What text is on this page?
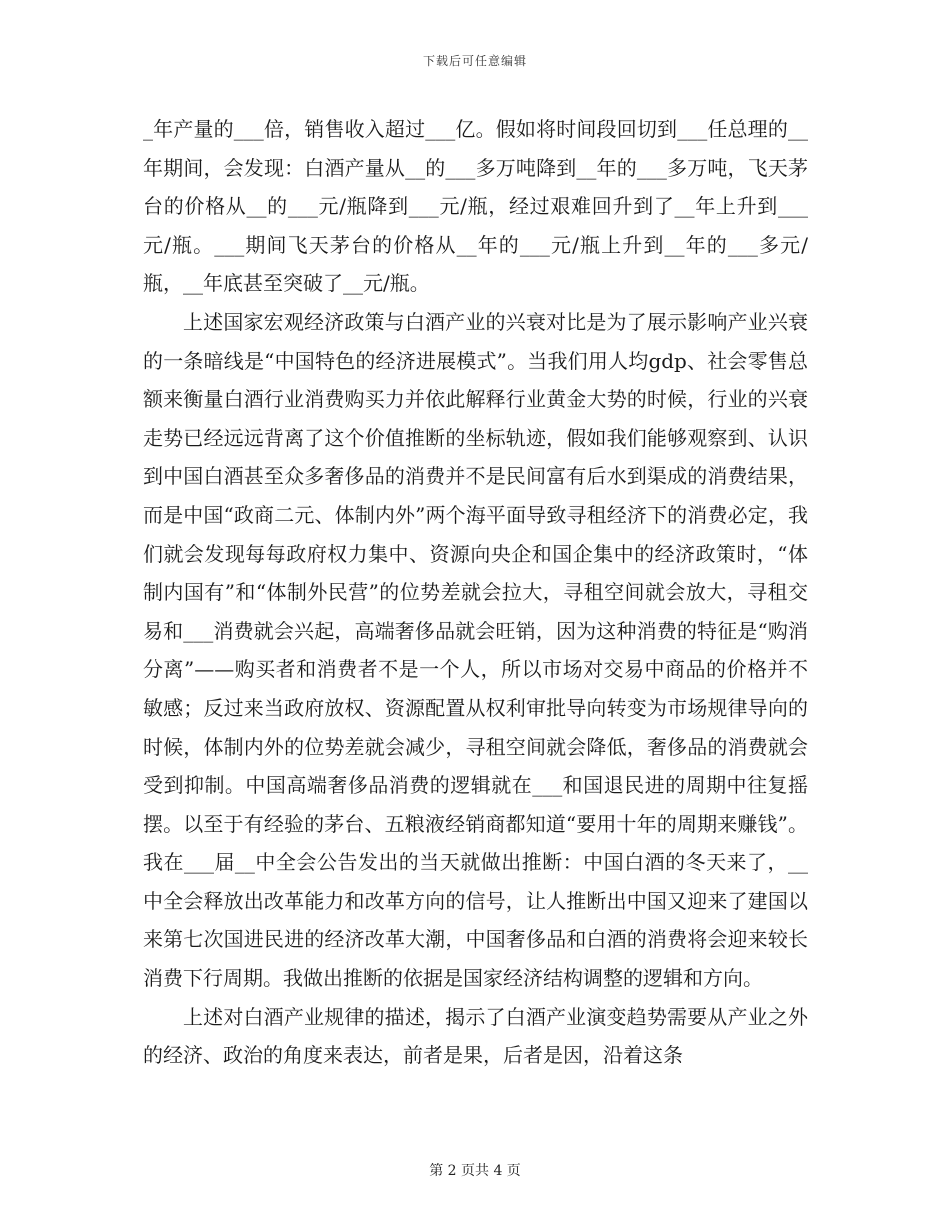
下载后可任意编辑

_年产量的___倍，销售收入超过___亿。假如将时间段回切到___任总理的__年期间，会发现：白酒产量从__的___多万吨降到__年的___多万吨，飞天茅台的价格从__的___元/瓶降到___元/瓶，经过艰难回升到了__年上升到___元/瓶。___期间飞天茅台的价格从__年的___元/瓶上升到__年的___多元/瓶，__年底甚至突破了__元/瓶。

上述国家宏观经济政策与白酒产业的兴衰对比是为了展示影响产业兴衰的一条暗线是“中国特色的经济进展模式”。当我们用人均gdp、社会零售总额来衡量白酒行业消费购买力并依此解释行业黄金大势的时候，行业的兴衰走势已经远远背离了这个价值推断的坐标轨迹，假如我们能够观察到、认识到中国白酒甚至众多奢侈品的消费并不是民间富有后水到渠成的消费结果，而是中国“政商二元、体制内外”两个海平面导致寻租经济下的消费必定，我们就会发现每每政府权力集中、资源向央企和国企集中的经济政策时，“体制内国有”和“体制外民营”的位势差就会拉大，寻租空间就会放大，寻租交易和___消费就会兴起，高端奢侈品就会旺销，因为这种消费的特征是“购消分离”——购买者和消费者不是一个人，所以市场对交易中商品的价格并不敏感；反过来当政府放权、资源配置从权利审批导向转变为市场规律导向的时候，体制内外的位势差就会减少，寻租空间就会降低，奢侈品的消费就会受到抑制。中国高端奢侈品消费的逻辑就在___和国退民进的周期中往复摇摆。以至于有经验的茅台、五粮液经销商都知道“要用十年的周期来赚钱”。我在___届__中全会公告发出的当天就做出推断：中国白酒的冬天来了，__中全会释放出改革能力和改革方向的信号，让人推断出中国又迎来了建国以来第七次国进民进的经济改革大潮，中国奢侈品和白酒的消费将会迎来较长消费下行周期。我做出推断的依据是国家经济结构调整的逻辑和方向。

上述对白酒产业规律的描述，揭示了白酒产业演变趋势需要从产业之外的经济、政治的角度来表达，前者是果，后者是因，沿着这条

第 2 页共 4 页
